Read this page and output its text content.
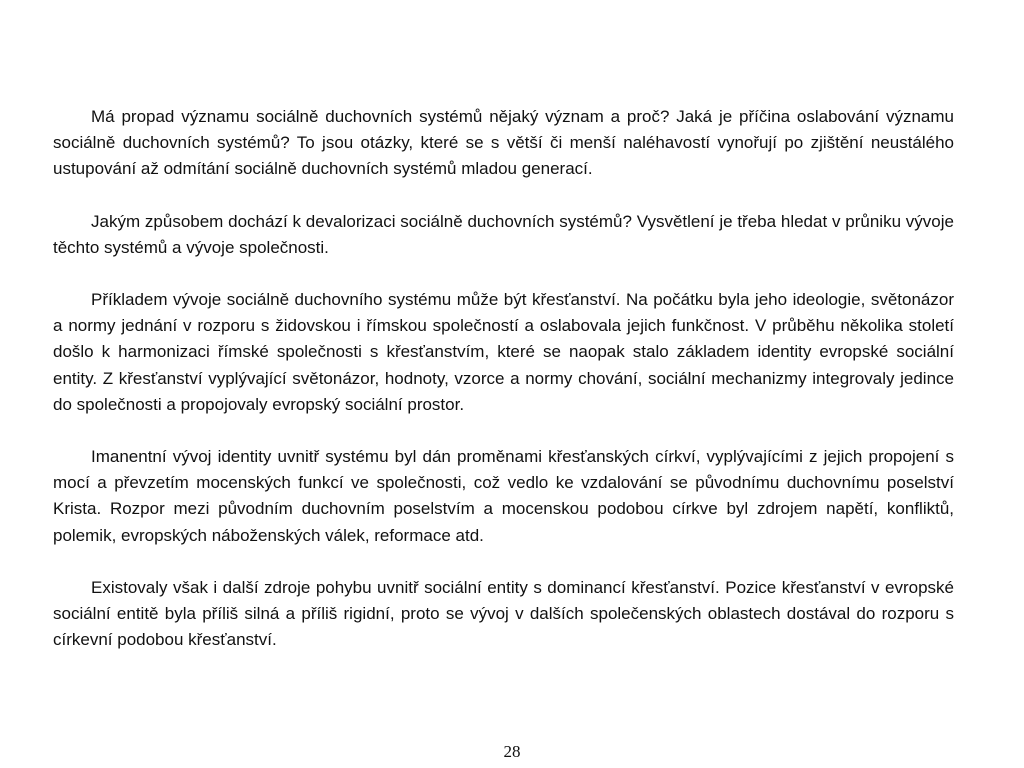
Má propad významu sociálně duchovních systémů nějaký význam a proč? Jaká je příčina oslabování významu sociálně duchovních systémů? To jsou otázky, které se s větší či menší naléhavostí vynořují po zjištění neustálého ustupování až odmítání sociálně duchovních systémů mladou generací.

Jakým způsobem dochází k devalorizaci sociálně duchovních systémů? Vysvětlení je třeba hledat v průniku vývoje těchto systémů a vývoje společnosti.

Příkladem vývoje sociálně duchovního systému může být křesťanství. Na počátku byla jeho ideologie, světonázor a normy jednání v rozporu s židovskou i římskou společností a oslabovala jejich funkčnost. V průběhu několika století došlo k harmonizaci římské společnosti s křesťanstvím, které se naopak stalo základem identity evropské sociální entity. Z křesťanství vyplývající světonázor, hodnoty, vzorce a normy chování, sociální mechanizmy integrovaly jedince do společnosti a propojovaly evropský sociální prostor.

Imanentní vývoj identity uvnitř systému byl dán proměnami křesťanských církví, vyplývajícími z jejich propojení s mocí a převzetím mocenských funkcí ve společnosti, což vedlo ke vzdalování se původnímu duchovnímu poselství Krista. Rozpor mezi původním duchovním poselstvím a mocenskou podobou církve byl zdrojem napětí, konfliktů, polemik, evropských náboženských válek, reformace atd.

Existovaly však i další zdroje pohybu uvnitř sociální entity s dominancí křesťanství. Pozice křesťanství v evropské sociální entitě byla příliš silná a příliš rigidní, proto se vývoj v dalších společenských oblastech dostával do rozporu s církevní podobou křesťanství.

28
